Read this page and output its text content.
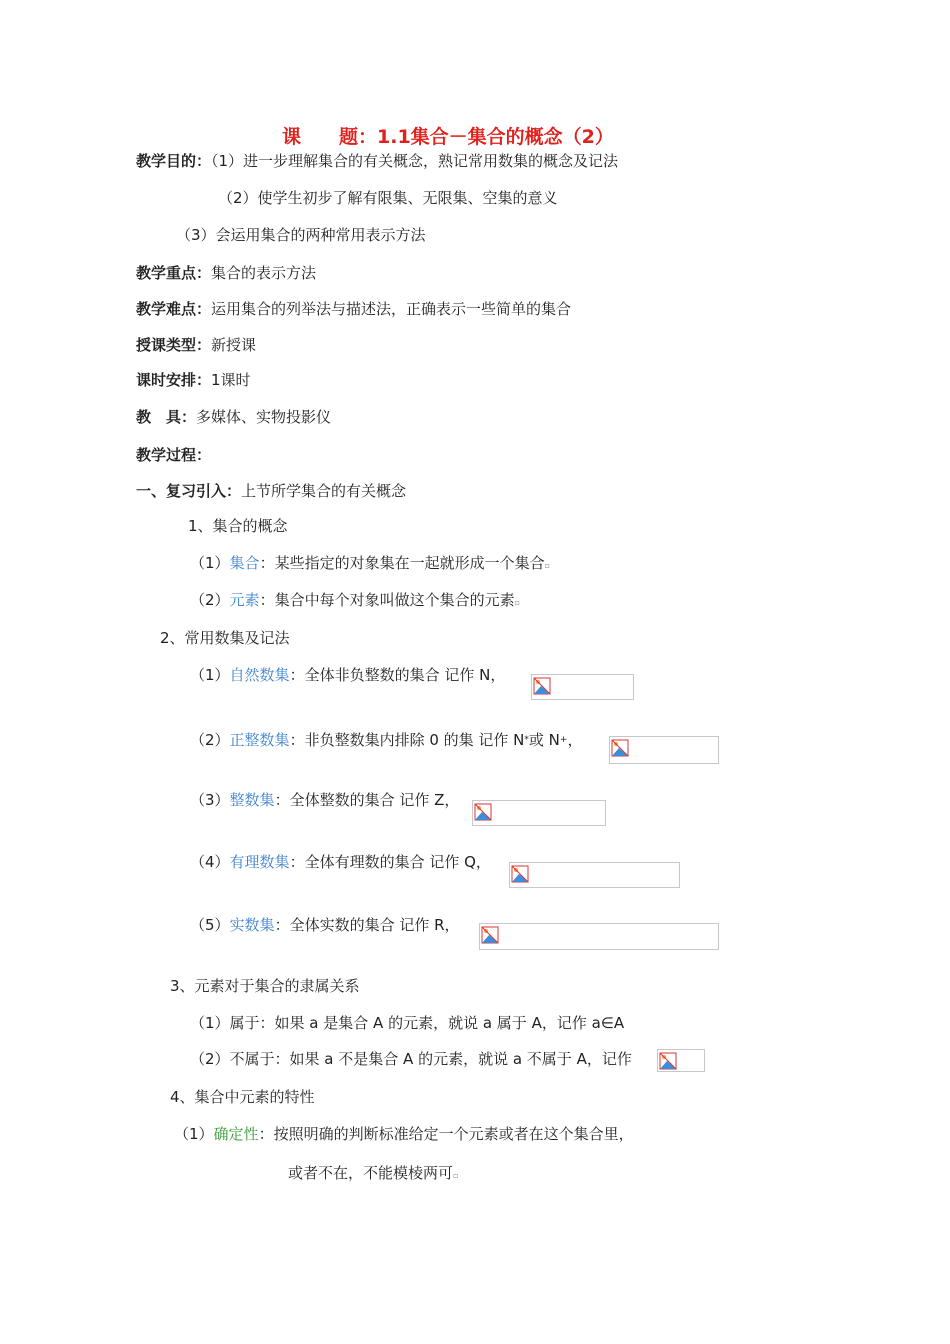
课　　题：1.1集合－集合的概念（2）
教学目的：（1）进一步理解集合的有关概念，熟记常用数集的概念及记法
（2）使学生初步了解有限集、无限集、空集的意义
（3）会运用集合的两种常用表示方法
教学重点：集合的表示方法
教学难点：运用集合的列举法与描述法，正确表示一些简单的集合
授课类型：新授课
课时安排：1课时
教　具：多媒体、实物投影仪
教学过程：
一、复习引入：上节所学集合的有关概念
1、集合的概念
（1）集合：某些指定的对象集在一起就形成一个集合▫
（2）元素：集合中每个对象叫做这个集合的元素▫
2、常用数集及记法
（1）自然数集：全体非负整数的集合 记作 N，
（2）正整数集：非负整数集内排除 0 的集 记作 N*或 N+，
（3）整数集：全体整数的集合 记作 Z，
（4）有理数集：全体有理数的集合 记作 Q，
（5）实数集：全体实数的集合 记作 R，
3、元素对于集合的隶属关系
（1）属于：如果 a 是集合 A 的元素，就说 a 属于 A，记作 a∈A
（2）不属于：如果 a 不是集合 A 的元素，就说 a 不属于 A，记作
4、集合中元素的特性
（1）确定性：按照明确的判断标准给定一个元素或者在这个集合里，
或者不在，不能模棱两可▫
